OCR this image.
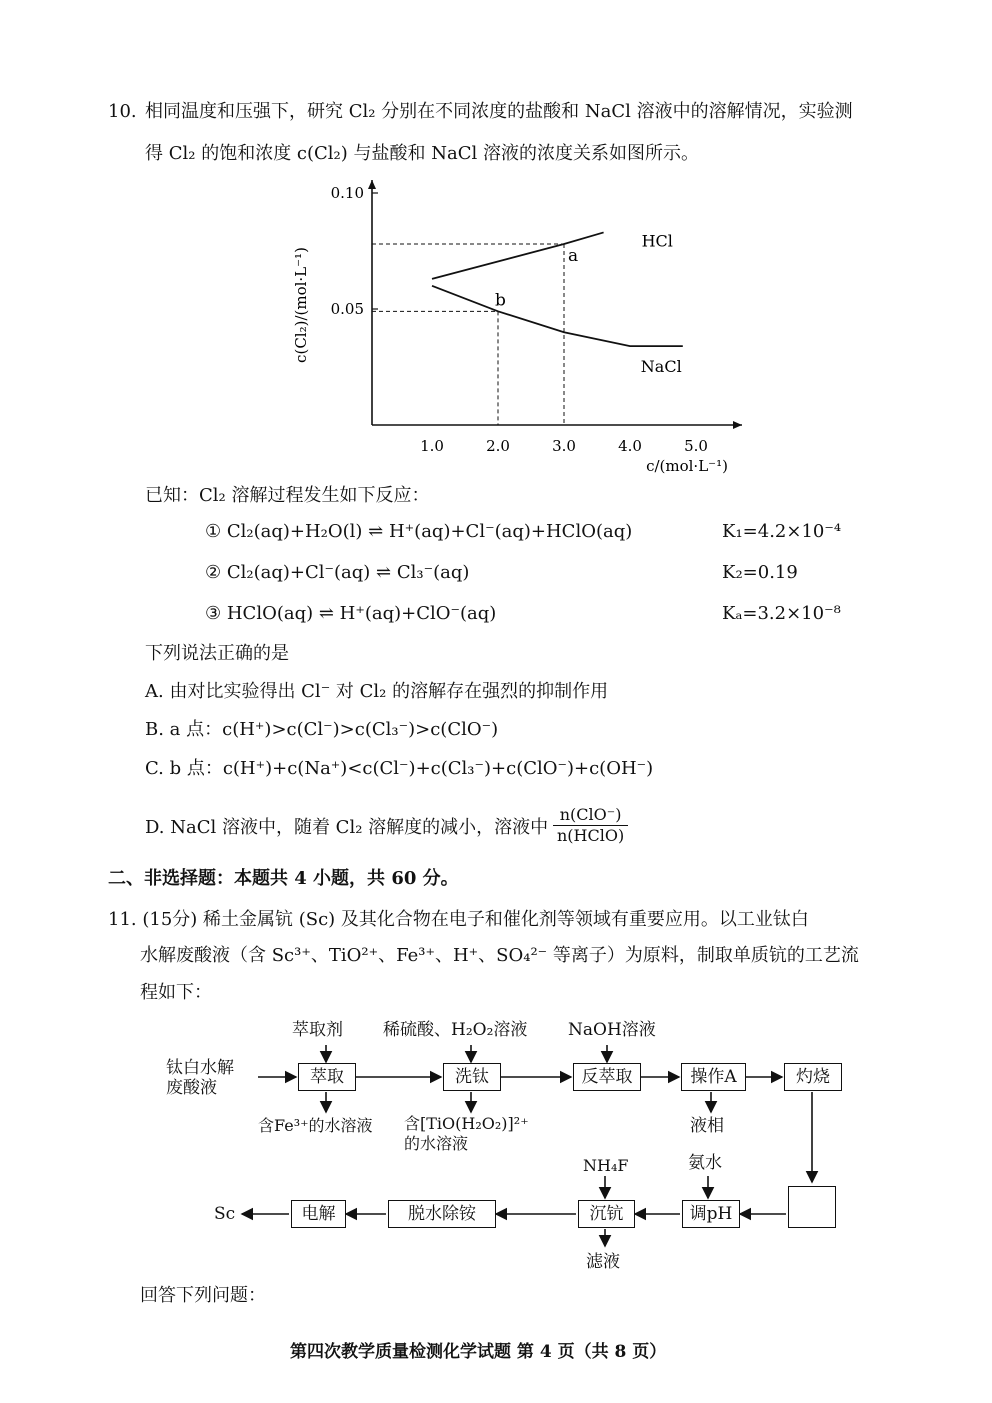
10. 相同温度和压强下，研究 Cl₂ 分别在不同浓度的盐酸和 NaCl 溶液中的溶解情况，实验测
得 Cl₂ 的饱和浓度 c(Cl₂) 与盐酸和 NaCl 溶液的浓度关系如图所示。
0.10
0.05
1.0	2.0	3.0	4.0	5.0
c(Cl₂)/(mol·L⁻¹)
c/(mol·L⁻¹)
HCl
NaCl
a
b
已知：Cl₂ 溶解过程发生如下反应：
① Cl₂(aq)+H₂O(l) ⇌ H⁺(aq)+Cl⁻(aq)+HClO(aq)	K₁=4.2×10⁻⁴
② Cl₂(aq)+Cl⁻(aq) ⇌ Cl₃⁻(aq)	K₂=0.19
③ HClO(aq) ⇌ H⁺(aq)+ClO⁻(aq)	Kₐ=3.2×10⁻⁸
下列说法正确的是
A. 由对比实验得出 Cl⁻ 对 Cl₂ 的溶解存在强烈的抑制作用
B. a 点：c(H⁺)>c(Cl⁻)>c(Cl₃⁻)>c(ClO⁻)
C. b 点：c(H⁺)+c(Na⁺)<c(Cl⁻)+c(Cl₃⁻)+c(ClO⁻)+c(OH⁻)
D. NaCl 溶液中，随着 Cl₂ 溶解度的减小，溶液中
n(ClO⁻)
n(HClO)
二、非选择题：本题共 4 小题，共 60 分。
11. (15分) 稀土金属钪 (Sc) 及其化合物在电子和催化剂等领域有重要应用。以工业钛白
水解废酸液（含 Sc³⁺、TiO²⁺、Fe³⁺、H⁺、SO₄²⁻ 等离子）为原料，制取单质钪的工艺流
程如下：
钛白水解
废酸液
萃取剂 稀硫酸、H₂O₂溶液 NaOH溶液
萃取	洗钛	反萃取	操作A	灼烧
含Fe³⁺的水溶液 含[TiO(H₂O₂)]²⁺
的水溶液
液相
NH₄F	氨水
调pH
沉钪
脱水除铵
电解
Sc
滤液
回答下列问题：
第四次教学质量检测化学试题 第 4 页（共 8 页）
